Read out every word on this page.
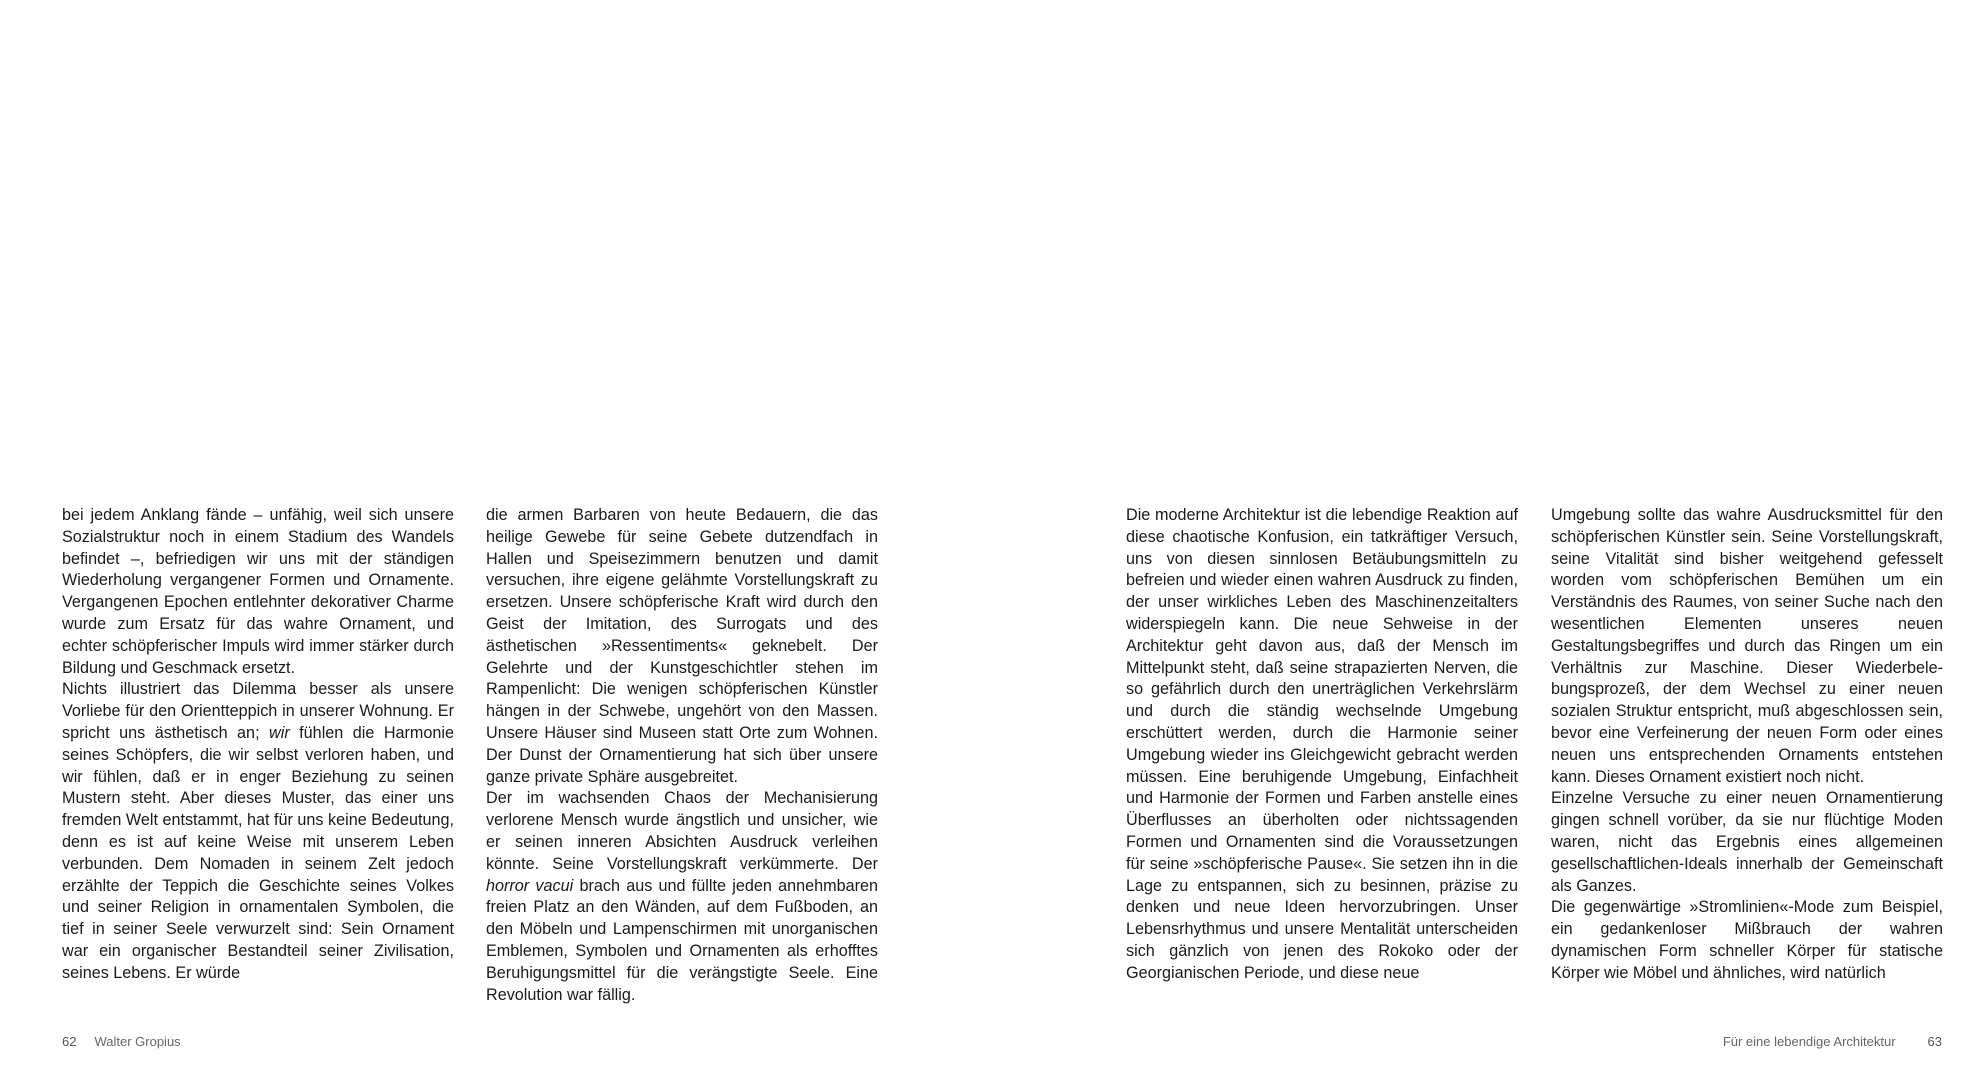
bei jedem Anklang fände – unfähig, weil sich unsere Sozialstruktur noch in einem Stadium des Wandels befindet –, befriedigen wir uns mit der ständigen Wiederholung vergangener Formen und Ornamente. Vergangenen Epochen entlehnter dekorativer Charme wurde zum Ersatz für das wahre Ornament, und echter schöpferischer Impuls wird immer stärker durch Bildung und Geschmack ersetzt.

Nichts illustriert das Dilemma besser als unsere Vorliebe für den Orientteppich in unserer Wohnung. Er spricht uns ästhetisch an; wir fühlen die Harmonie seines Schöpfers, die wir selbst verloren haben, und wir fühlen, daß er in enger Beziehung zu seinen Mustern steht. Aber dieses Muster, das einer uns fremden Welt entstammt, hat für uns keine Bedeutung, denn es ist auf keine Weise mit unserem Leben verbunden. Dem Nomaden in seinem Zelt jedoch erzählte der Teppich die Geschichte seines Volkes und seiner Religion in ornamentalen Symbolen, die tief in seiner Seele verwurzelt sind: Sein Ornament war ein organischer Bestandteil seiner Zivilisation, seines Lebens. Er würde

die armen Barbaren von heute Bedauern, die das heilige Gewebe für seine Gebete dutzendfach in Hallen und Speisezimmern benutzen und damit versuchen, ihre eigene gelähmte Vorstellungskraft zu ersetzen. Unsere schöpferische Kraft wird durch den Geist der Imitation, des Surrogats und des ästhetischen »Ressentiments« geknebelt. Der Gelehrte und der Kunstgeschichtler stehen im Rampenlicht: Die wenigen schöpferischen Künstler hängen in der Schwebe, ungehört von den Massen. Unsere Häuser sind Museen statt Orte zum Wohnen. Der Dunst der Ornamentierung hat sich über unsere ganze private Sphäre ausgebreitet.

Der im wachsenden Chaos der Mechanisierung verlorene Mensch wurde ängstlich und unsicher, wie er seinen inneren Absichten Ausdruck verleihen könnte. Seine Vorstellungskraft verkümmerte. Der horror vacui brach aus und füllte jeden annehmbaren freien Platz an den Wänden, auf dem Fußboden, an den Möbeln und Lampenschirmen mit unorganischen Emblemen, Symbolen und Ornamenten als erhofftes Beruhigungsmittel für die verängstigte Seele. Eine Revolution war fällig.

62 Walter Gropius

Die moderne Architektur ist die lebendige Reaktion auf diese chaotische Konfusion, ein tatkräftiger Versuch, uns von diesen sinnlosen Betäubungsmitteln zu befreien und wieder einen wahren Ausdruck zu finden, der unser wirkliches Leben des Maschinenzeitalters widerspiegeln kann. Die neue Sehweise in der Architektur geht davon aus, daß der Mensch im Mittelpunkt steht, daß seine strapazierten Nerven, die so gefährlich durch den unerträglichen Verkehrslärm und durch die ständig wechselnde Umgebung erschüttert werden, durch die Harmonie seiner Umgebung wieder ins Gleichgewicht gebracht werden müssen. Eine beruhigende Umgebung, Einfachheit und Harmonie der Formen und Farben anstelle eines Überflusses an überholten oder nichtssagenden Formen und Ornamenten sind die Voraussetzungen für seine »schöpferische Pause«. Sie setzen ihn in die Lage zu entspannen, sich zu besinnen, präzise zu denken und neue Ideen hervorzubringen. Unser Lebensrhythmus und unsere Mentalität unterscheiden sich gänzlich von jenen des Rokoko oder der Georgianischen Periode, und diese neue

Umgebung sollte das wahre Ausdrucksmittel für den schöpferischen Künstler sein. Seine Vorstellungskraft, seine Vitalität sind bisher weitgehend gefesselt worden vom schöpferischen Bemühen um ein Verständnis des Raumes, von seiner Suche nach den wesentlichen Elementen unseres neuen Gestaltungsbegriffes und durch das Ringen um ein Verhältnis zur Maschine. Dieser Wiederbelebungsprozeß, der dem Wechsel zu einer neuen sozialen Struktur entspricht, muß abgeschlossen sein, bevor eine Verfeinerung der neuen Form oder eines neuen uns entsprechenden Ornaments entstehen kann. Dieses Ornament existiert noch nicht.

Einzelne Versuche zu einer neuen Ornamentierung gingen schnell vorüber, da sie nur flüchtige Moden waren, nicht das Ergebnis eines allgemeinen gesellschaftlichen-Ideals innerhalb der Gemeinschaft als Ganzes.

Die gegenwärtige »Stromlinien«-Mode zum Beispiel, ein gedankenloser Mißbrauch der wahren dynamischen Form schneller Körper für statische Körper wie Möbel und ähnliches, wird natürlich

Für eine lebendige Architektur 63
